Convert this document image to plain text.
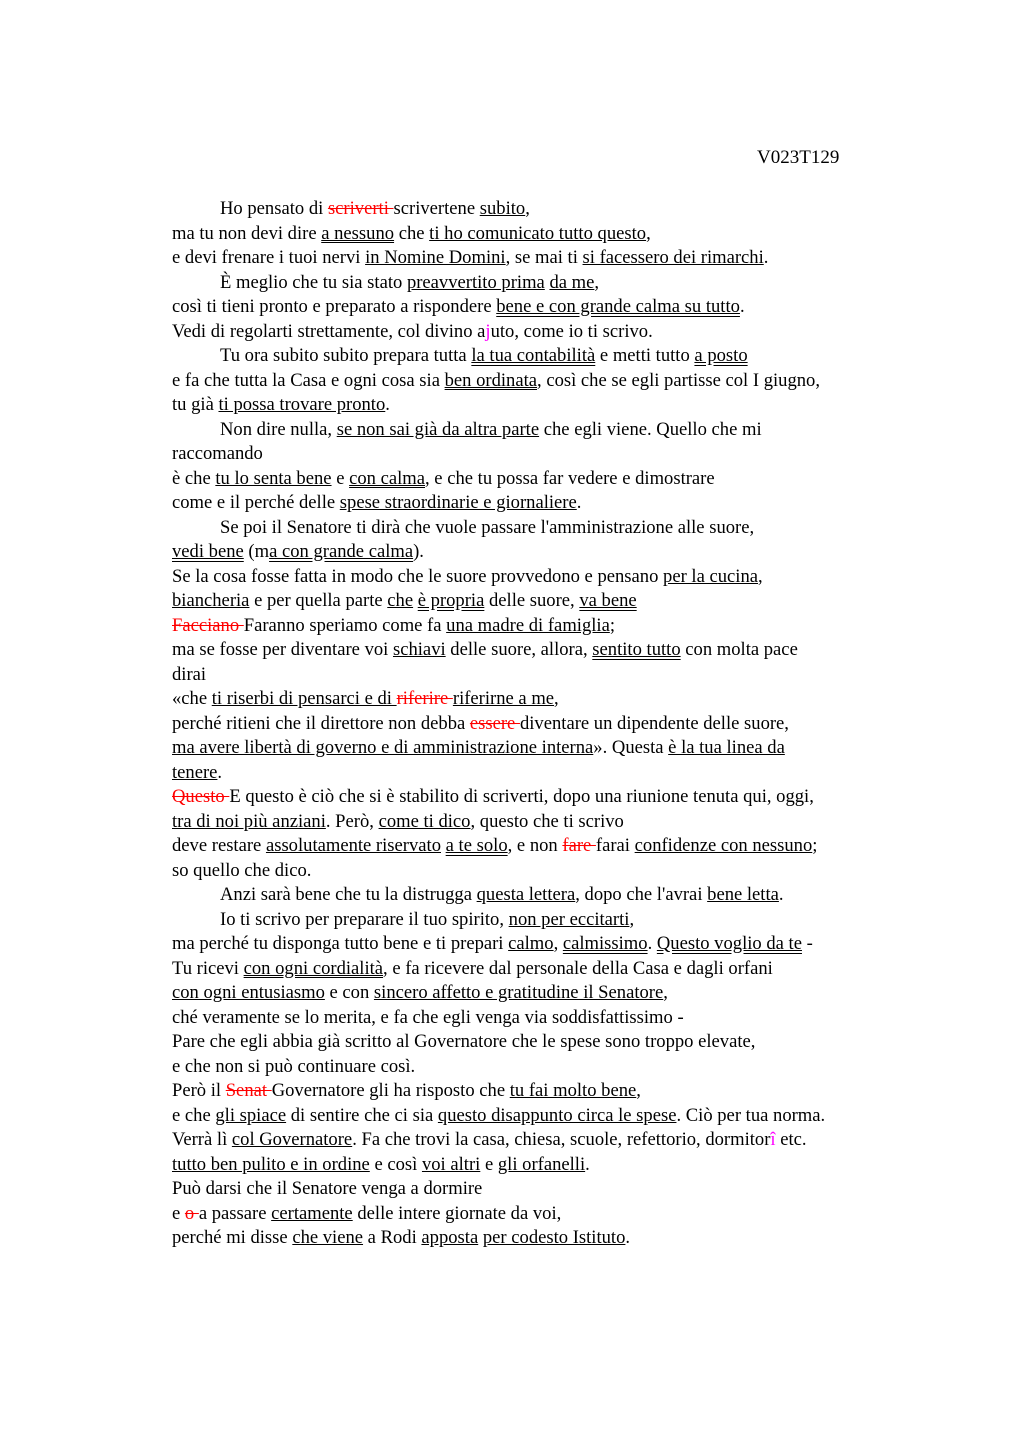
V023T129
Ho pensato di scriverti scrivertene subito,
ma tu non devi dire a nessuno che ti ho comunicato tutto questo,
e devi frenare i tuoi nervi in Nomine Domini, se mai ti si facessero dei rimarchi.
È meglio che tu sia stato preavvertito prima da me,
così ti tieni pronto e preparato a rispondere bene e con grande calma su tutto.
Vedi di regolarti strettamente, col divino ajuto, come io ti scrivo.
Tu ora subito subito prepara tutta la tua contabilità e metti tutto a posto
e fa che tutta la Casa e ogni cosa sia ben ordinata, così che se egli partisse col I giugno,
tu già ti possa trovare pronto.
Non dire nulla, se non sai già da altra parte che egli viene. Quello che mi
raccomando
è che tu lo senta bene e con calma, e che tu possa far vedere e dimostrare
come e il perché delle spese straordinarie e giornaliere.
Se poi il Senatore ti dirà che vuole passare l'amministrazione alle suore,
vedi bene (ma con grande calma).
Se la cosa fosse fatta in modo che le suore provvedono e pensano per la cucina,
biancheria e per quella parte che è propria delle suore, va bene
Facciano Faranno speriamo come fa una madre di famiglia;
ma se fosse per diventare voi schiavi delle suore, allora, sentito tutto con molta pace
dirai
«che ti riserbi di pensarci e di riferire riferirne a me,
perché ritieni che il direttore non debba essere diventare un dipendente delle suore,
ma avere libertà di governo e di amministrazione interna». Questa è la tua linea da
tenere.
Questo E questo è ciò che si è stabilito di scriverti, dopo una riunione tenuta qui, oggi,
tra di noi più anziani. Però, come ti dico, questo che ti scrivo
deve restare assolutamente riservato a te solo, e non fare farai confidenze con nessuno;
so quello che dico.
Anzi sarà bene che tu la distrugga questa lettera, dopo che l'avrai bene letta.
Io ti scrivo per preparare il tuo spirito, non per eccitarti,
ma perché tu disponga tutto bene e ti prepari calmo, calmissimo. Questo voglio da te -
Tu ricevi con ogni cordialità, e fa ricevere dal personale della Casa e dagli orfani
con ogni entusiasmo e con sincero affetto e gratitudine il Senatore,
ché veramente se lo merita, e fa che egli venga via soddisfattissimo -
Pare che egli abbia già scritto al Governatore che le spese sono troppo elevate,
e che non si può continuare così.
Però il Senat Governatore gli ha risposto che tu fai molto bene,
e che gli spiace di sentire che ci sia questo disappunto circa le spese. Ciò per tua norma.
Verrà lì col Governatore. Fa che trovi la casa, chiesa, scuole, refettorio, dormitorî etc.
tutto ben pulito e in ordine e così voi altri e gli orfanelli.
Può darsi che il Senatore venga a dormire
e o a passare certamente delle intere giornate da voi,
perché mi disse che viene a Rodi apposta per codesto Istituto.
